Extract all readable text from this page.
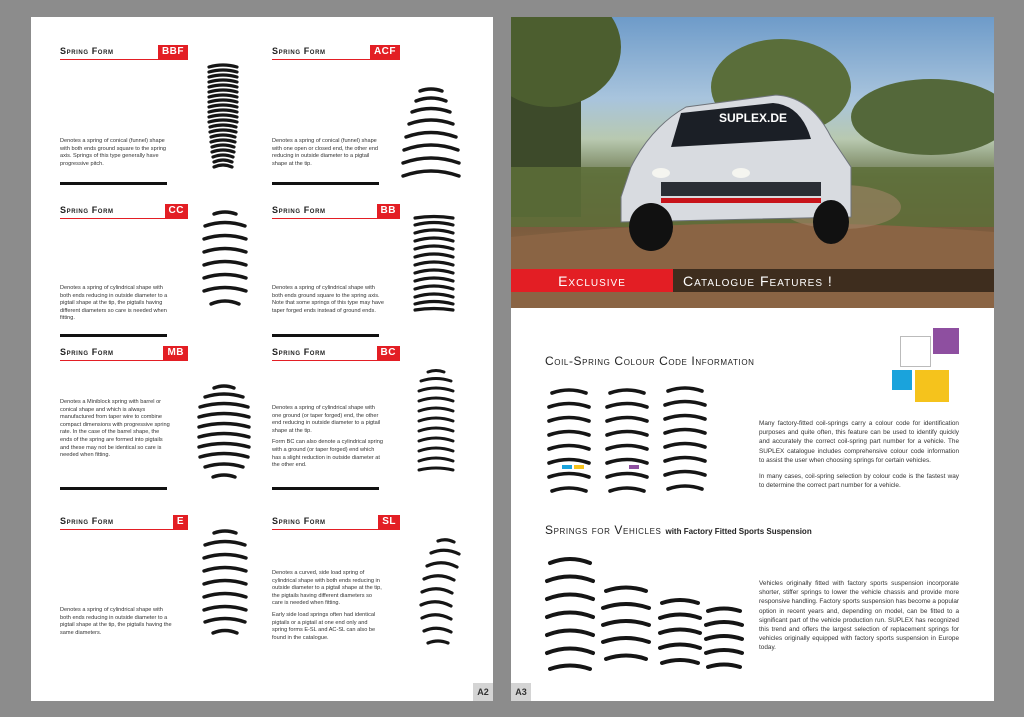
Spring Form	BBF

Denotes a spring of conical (funnel) shape with both ends ground square to the spring axis. Springs of this type generally have progressive pitch.

Spring Form	ACF

Denotes a spring of conical (funnel) shape with one open or closed end, the other end reducing in outside diameter to a pigtail shape at the tip.

Spring Form	CC

Denotes a spring of cylindrical shape with both ends reducing in outside diameter to a pigtail shape at the tip, the pigtails having different diameters so care is needed when fitting.

Spring Form	BB

Denotes a spring of cylindrical shape with both ends ground square to the spring axis. Note that some springs of this type may have taper forged ends instead of ground ends.

Spring Form	MB

Denotes a Miniblock spring with barrel or conical shape and which is always manufactured from taper wire to combine compact dimensions with progressive spring rate. In the case of the barrel shape, the ends of the spring are formed into pigtails and these may not be identical so care is needed when fitting.

Spring Form	BC

Denotes a spring of cylindrical shape with one ground (or taper forged) end, the other end reducing in outside diameter to a pigtail shape at the tip.

Form BC can also denote a cylindrical spring with a ground (or taper forged) end which has a slight reduction in outside diameter at the other end.

Spring Form	E

Denotes a spring of cylindrical shape with both ends reducing in outside diameter to a pigtail shape at the tip, the pigtails having the same diameters.

Spring Form	SL

Denotes a curved, side load spring of cylindrical shape with both ends reducing in outside diameter to a pigtail shape at the tip, the pigtails having different diameters so care is needed when fitting.

Early side load springs often had identical pigtails or a pigtail at one end only and spring forms E-SL and AC-SL can also be found in the catalogue.

A2
SUPLEX.DE
Exclusive	Catalogue Features !
Coil-Spring Colour Code Information

Many factory-fitted coil-springs carry a colour code for identification purposes and quite often, this feature can be used to identify quickly and accurately the correct coil-spring part number for a vehicle. The SUPLEX catalogue includes comprehensive colour code information to assist the user when choosing springs for certain vehicles.

In many cases, coil-spring selection by colour code is the fastest way to determine the correct part number for a vehicle.

Springs for Vehicles with Factory Fitted Sports Suspension

Vehicles originally fitted with factory sports suspension incorporate shorter, stiffer springs to lower the vehicle chassis and provide more responsive handling. Factory sports suspension has become a popular option in recent years and, depending on model, can be fitted to a significant part of the vehicle production run. SUPLEX has recognized this trend and offers the largest selection of replacement springs for vehicles originally equipped with factory sports suspension in Europe today.

A3
